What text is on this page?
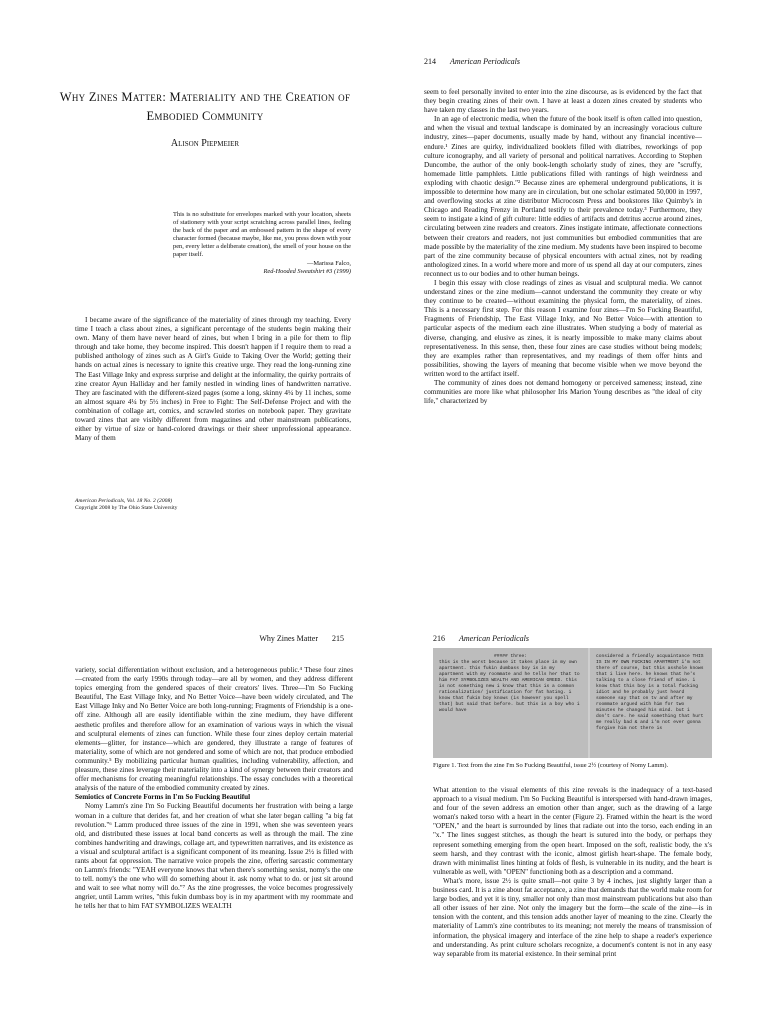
Why Zines Matter: Materiality and the Creation of Embodied Community
Alison Piepmeier
This is no substitute for envelopes marked with your location, sheets of stationery with your script scratching across parallel lines, feeling the back of the paper and an embossed pattern in the shape of every character formed (because maybe, like me, you press down with your pen, every letter a deliberate creation), the smell of your house on the paper itself.
—Marissa Falco,
Red-Hooded Sweatshirt #3 (1999)

I became aware of the significance of the materiality of zines through my teaching. Every time I teach a class about zines, a significant percentage of the students begin making their own. Many of them have never heard of zines, but when I bring in a pile for them to flip through and take home, they become inspired. This doesn't happen if I require them to read a published anthology of zines such as A Girl's Guide to Taking Over the World; getting their hands on actual zines is necessary to ignite this creative urge. They read the long-running zine The East Village Inky and express surprise and delight at the informality, the quirky portraits of zine creator Ayun Halliday and her family nestled in winding lines of handwritten narrative. They are fascinated with the different-sized pages (some a long, skinny 4¼ by 11 inches, some an almost square 4¼ by 5½ inches) in Free to Fight: The Self-Defense Project and with the combination of collage art, comics, and scrawled stories on notebook paper. They gravitate toward zines that are visibly different from magazines and other mainstream publications, either by virtue of size or hand-colored drawings or their sheer unprofessional appearance. Many of them

American Periodicals, Vol. 18 No. 2 (2008)
Copyright 2008 by The Ohio State University
214 American Periodicals

seem to feel personally invited to enter into the zine discourse, as is evidenced by the fact that they begin creating zines of their own. I have at least a dozen zines created by students who have taken my classes in the last two years.

In an age of electronic media, when the future of the book itself is often called into question, and when the visual and textual landscape is dominated by an increasingly voracious culture industry, zines—paper documents, usually made by hand, without any financial incentive—endure.¹ Zines are quirky, individualized booklets filled with diatribes, reworkings of pop culture iconography, and all variety of personal and political narratives. According to Stephen Duncombe, the author of the only book-length scholarly study of zines, they are "scruffy, homemade little pamphlets. Little publications filled with rantings of high weirdness and exploding with chaotic design."² Because zines are ephemeral underground publications, it is impossible to determine how many are in circulation, but one scholar estimated 50,000 in 1997, and overflowing stocks at zine distributor Microcosm Press and bookstores like Quimby's in Chicago and Reading Frenzy in Portland testify to their prevalence today.³ Furthermore, they seem to instigate a kind of gift culture: little eddies of artifacts and detritus accrue around zines, circulating between zine readers and creators. Zines instigate intimate, affectionate connections between their creators and readers, not just communities but embodied communities that are made possible by the materiality of the zine medium. My students have been inspired to become part of the zine community because of physical encounters with actual zines, not by reading anthologized zines. In a world where more and more of us spend all day at our computers, zines reconnect us to our bodies and to other human beings.

I begin this essay with close readings of zines as visual and sculptural media. We cannot understand zines or the zine medium—cannot understand the community they create or why they continue to be created—without examining the physical form, the materiality, of zines. This is a necessary first step. For this reason I examine four zines—I'm So Fucking Beautiful, Fragments of Friendship, The East Village Inky, and No Better Voice—with attention to particular aspects of the medium each zine illustrates. When studying a body of material as diverse, changing, and elusive as zines, it is nearly impossible to make many claims about representativeness. In this sense, then, these four zines are case studies without being models; they are examples rather than representatives, and my readings of them offer hints and possibilities, showing the layers of meaning that become visible when we move beyond the written word to the artifact itself.

The community of zines does not demand homogeny or perceived sameness; instead, zine communities are more like what philosopher Iris Marion Young describes as "the ideal of city life," characterized by

Why Zines Matter 215

variety, social differentiation without exclusion, and a heterogeneous public.⁴ These four zines—created from the early 1990s through today—are all by women, and they address different topics emerging from the gendered spaces of their creators' lives. Three—I'm So Fucking Beautiful, The East Village Inky, and No Better Voice—have been widely circulated, and The East Village Inky and No Better Voice are both long-running; Fragments of Friendship is a one-off zine. Although all are easily identifiable within the zine medium, they have different aesthetic profiles and therefore allow for an examination of various ways in which the visual and sculptural elements of zines can function. While these four zines deploy certain material elements—glitter, for instance—which are gendered, they illustrate a range of features of materiality, some of which are not gendered and some of which are not, that produce embodied community.⁵ By mobilizing particular human qualities, including vulnerability, affection, and pleasure, these zines leverage their materiality into a kind of synergy between their creators and offer mechanisms for creating meaningful relationships. The essay concludes with a theoretical analysis of the nature of the embodied community created by zines.

Semiotics of Concrete Forms in I'm So Fucking Beautiful

Nomy Lamm's zine I'm So Fucking Beautiful documents her frustration with being a large woman in a culture that derides fat, and her creation of what she later began calling "a big fat revolution."⁶ Lamm produced three issues of the zine in 1991, when she was seventeen years old, and distributed these issues at local band concerts as well as through the mail. The zine combines handwriting and drawings, collage art, and typewritten narratives, and its existence as a visual and sculptural artifact is a significant component of its meaning. Issue 2½ is filled with rants about fat oppression. The narrative voice propels the zine, offering sarcastic commentary on Lamm's friends: "YEAH everyone knows that when there's something sexist, nomy's the one to tell. nomy's the one who will do something about it. ask nomy what to do. or just sit around and wait to see what nomy will do."⁷ As the zine progresses, the voice becomes progressively angrier, until Lamm writes, "this fukin dumbass boy is in my apartment with my roommate and he tells her that to him FAT SYMBOLIZES WEALTH

216 American Periodicals
##### three:
this is the worst because it takes place in my own apartment. this fukin dumbass boy is in my apartment with my roommate and he tells her that to him FAT SYMBOLIZES WEALTH AND AMERICAN GREED. this is not something new i know that this is a common rationalization/ justification for fat hating. i know that fukin boy knows (is however you spell that) but said that before. but this is a boy who i would have
considered a friendly acquaintance THIS IS IN MY OWN FUCKING APARTMENT i'm not there of course, but this asshole knows that i live here. he knows that he's talking to a close friend of mine. i know that this boy is a total fucking idiot and he probably just heard someone say that on tv and after my roommate argued with him for two minutes he changed his mind. but i don't care. he said something that hurt me really bad & and i'm not ever gonna forgive him not there is
Figure 1. Text from the zine I'm So Fucking Beautiful, issue 2½ (courtesy of Nomy Lamm).

What attention to the visual elements of this zine reveals is the inadequacy of a text-based approach to a visual medium. I'm So Fucking Beautiful is interspersed with hand-drawn images, and four of the seven address an emotion other than anger, such as the drawing of a large woman's naked torso with a heart in the center (Figure 2). Framed within the heart is the word "OPEN," and the heart is surrounded by lines that radiate out into the torso, each ending in an "x." The lines suggest stitches, as though the heart is sutured into the body, or perhaps they represent something emerging from the open heart. Imposed on the soft, realistic body, the x's seem harsh, and they contrast with the iconic, almost girlish heart-shape. The female body, drawn with minimalist lines hinting at folds of flesh, is vulnerable in its nudity, and the heart is vulnerable as well, with "OPEN" functioning both as a description and a command.

What's more, issue 2½ is quite small—not quite 3 by 4 inches, just slightly larger than a business card. It is a zine about fat acceptance, a zine that demands that the world make room for large bodies, and yet it is tiny, smaller not only than most mainstream publications but also than all other issues of her zine. Not only the imagery but the form—the scale of the zine—is in tension with the content, and this tension adds another layer of meaning to the zine. Clearly the materiality of Lamm's zine contributes to its meaning; not merely the means of transmission of information, the physical imagery and interface of the zine help to shape a reader's experience and understanding. As print culture scholars recognize, a document's content is not in any easy way separable from its material existence. In their seminal print
